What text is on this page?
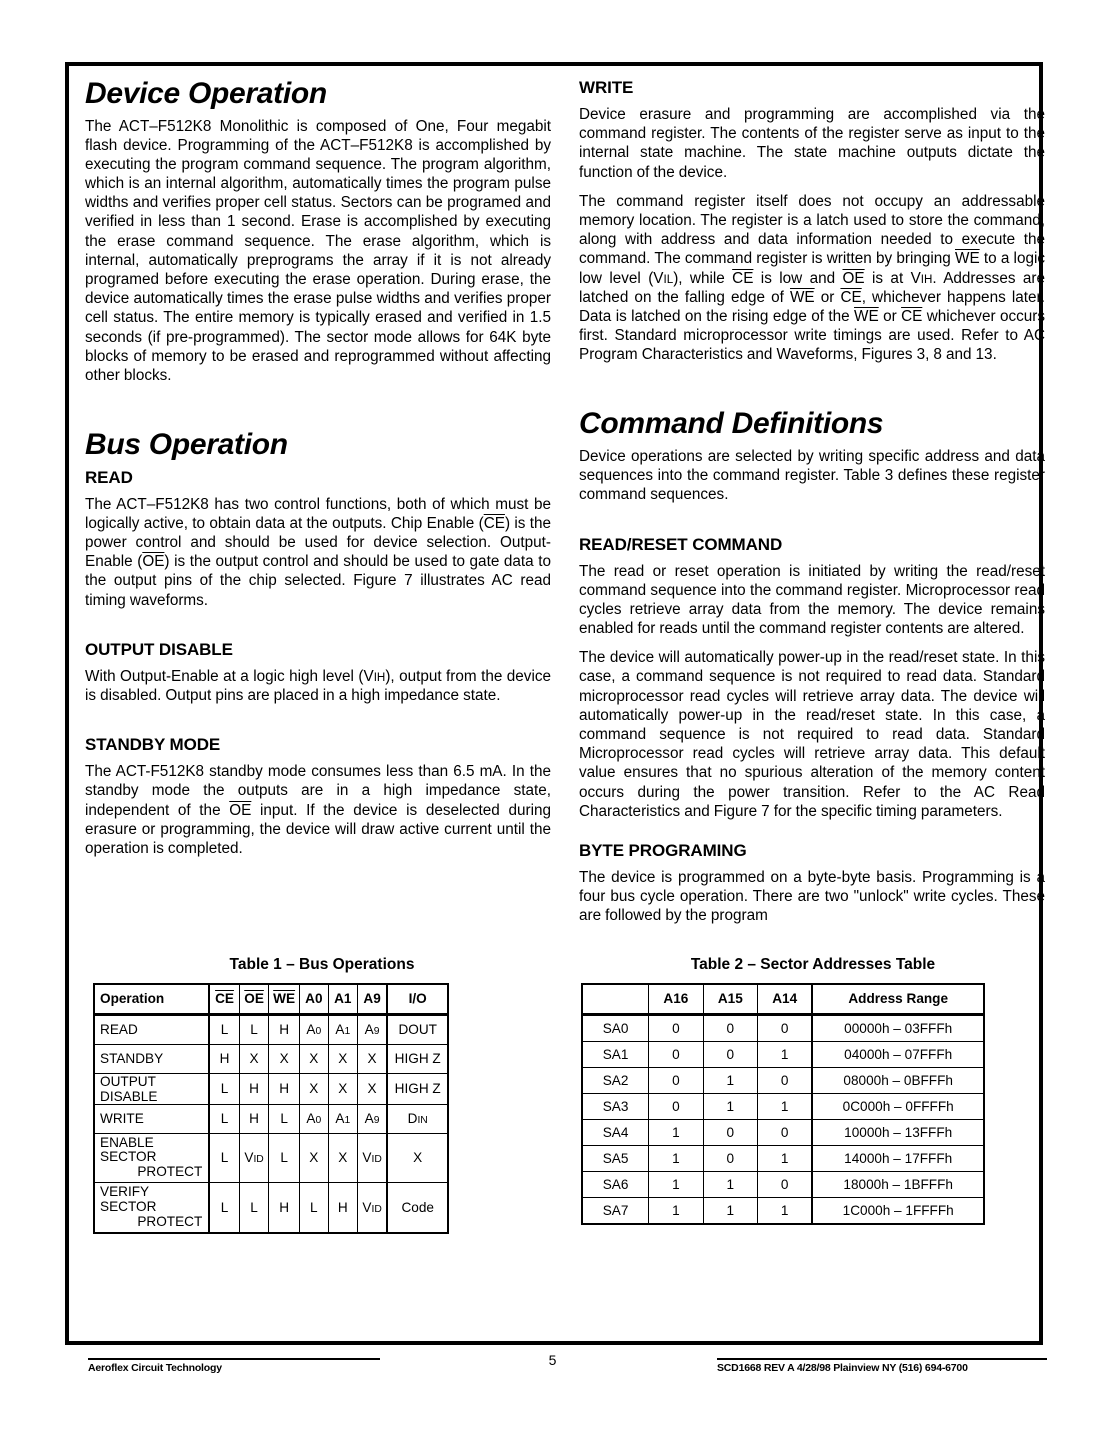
Device Operation

The ACT–F512K8 Monolithic is composed of One, Four megabit flash device. Programming of the ACT–F512K8 is accomplished by executing the program command sequence. The program algorithm, which is an internal algorithm, automatically times the program pulse widths and verifies proper cell status. Sectors can be programed and verified in less than 1 second. Erase is accomplished by executing the erase command sequence. The erase algorithm, which is internal, automatically preprograms the array if it is not already programed before executing the erase operation. During erase, the device automatically times the erase pulse widths and verifies proper cell status. The entire memory is typically erased and verified in 1.5 seconds (if pre-programmed). The sector mode allows for 64K byte blocks of memory to be erased and reprogrammed without affecting other blocks.

Bus Operation
READ

The ACT–F512K8 has two control functions, both of which must be logically active, to obtain data at the outputs. Chip Enable $(\overline{CE})$ is the power control and should be used for device selection. Output-Enable $(\overline{OE})$ is the output control and should be used to gate data to the output pins of the chip selected. Figure 7 illustrates AC read timing waveforms.

OUTPUT DISABLE

With Output-Enable at a logic high level (VIH), output from the device is disabled. Output pins are placed in a high impedance state.

STANDBY MODE

The ACT-F512K8 standby mode consumes less than 6.5 mA. In the standby mode the outputs are in a high impedance state, independent of the $\overline{OE}$ input. If the device is deselected during erasure or programming, the device will draw active current until the operation is completed.

WRITE

Device erasure and programming are accomplished via the command register. The contents of the register serve as input to the internal state machine. The state machine outputs dictate the function of the device.

The command register itself does not occupy an addressable memory location. The register is a latch used to store the command, along with address and data information needed to execute the command. The command register is written by bringing $\overline{WE}$ to a logic low level (VIL), while $\overline{CE}$ is low and $\overline{OE}$ is at VIH. Addresses are latched on the falling edge of $\overline{WE}$ or $\overline{CE}$, whichever happens later. Data is latched on the rising edge of the $\overline{WE}$ or $\overline{CE}$ whichever occurs first. Standard microprocessor write timings are used. Refer to AC Program Characteristics and Waveforms, Figures 3, 8 and 13.

Command Definitions

Device operations are selected by writing specific address and data sequences into the command register. Table 3 defines these register command sequences.

READ/RESET COMMAND

The read or reset operation is initiated by writing the read/reset command sequence into the command register. Microprocessor read cycles retrieve array data from the memory. The device remains enabled for reads until the command register contents are altered.

The device will automatically power-up in the read/reset state. In this case, a command sequence is not required to read data. Standard microprocessor read cycles will retrieve array data. The device will automatically power-up in the read/reset state. In this case, a command sequence is not required to read data. Standard Microprocessor read cycles will retrieve array data. This default value ensures that no spurious alteration of the memory content occurs during the power transition. Refer to the AC Read Characteristics and Figure 7 for the specific timing parameters.

BYTE PROGRAMING

The device is programmed on a byte-byte basis. Programming is a four bus cycle operation. There are two "unlock" write cycles. These are followed by the program

Table 1 – Bus Operations
Operation	$\overline{CE}$	$\overline{OE}$	$\overline{WE}$	A0	A1	A9	I/O
READ	L	L	H	A0	A1	A9	DOUT
STANDBY	H	X	X	X	X	X	HIGH Z
OUTPUT DISABLE	L	H	H	X	X	X	HIGH Z
WRITE	L	H	L	A0	A1	A9	DIN
ENABLE SECTOR
PROTECT	L	VID	L	X	X	VID	X
VERIFY SECTOR
PROTECT	L	L	H	L	H	VID	Code
Table 2 – Sector Addresses Table
	A16	A15	A14	Address Range
SA0	0	0	0	00000h – 03FFFh
SA1	0	0	1	04000h – 07FFFh
SA2	0	1	0	08000h – 0BFFFh
SA3	0	1	1	0C000h – 0FFFFh
SA4	1	0	0	10000h – 13FFFh
SA5	1	0	1	14000h – 17FFFh
SA6	1	1	0	18000h – 1BFFFh
SA7	1	1	1	1C000h – 1FFFFh
5
Aeroflex Circuit Technology	SCD1668 REV A 4/28/98 Plainview NY (516) 694-6700
